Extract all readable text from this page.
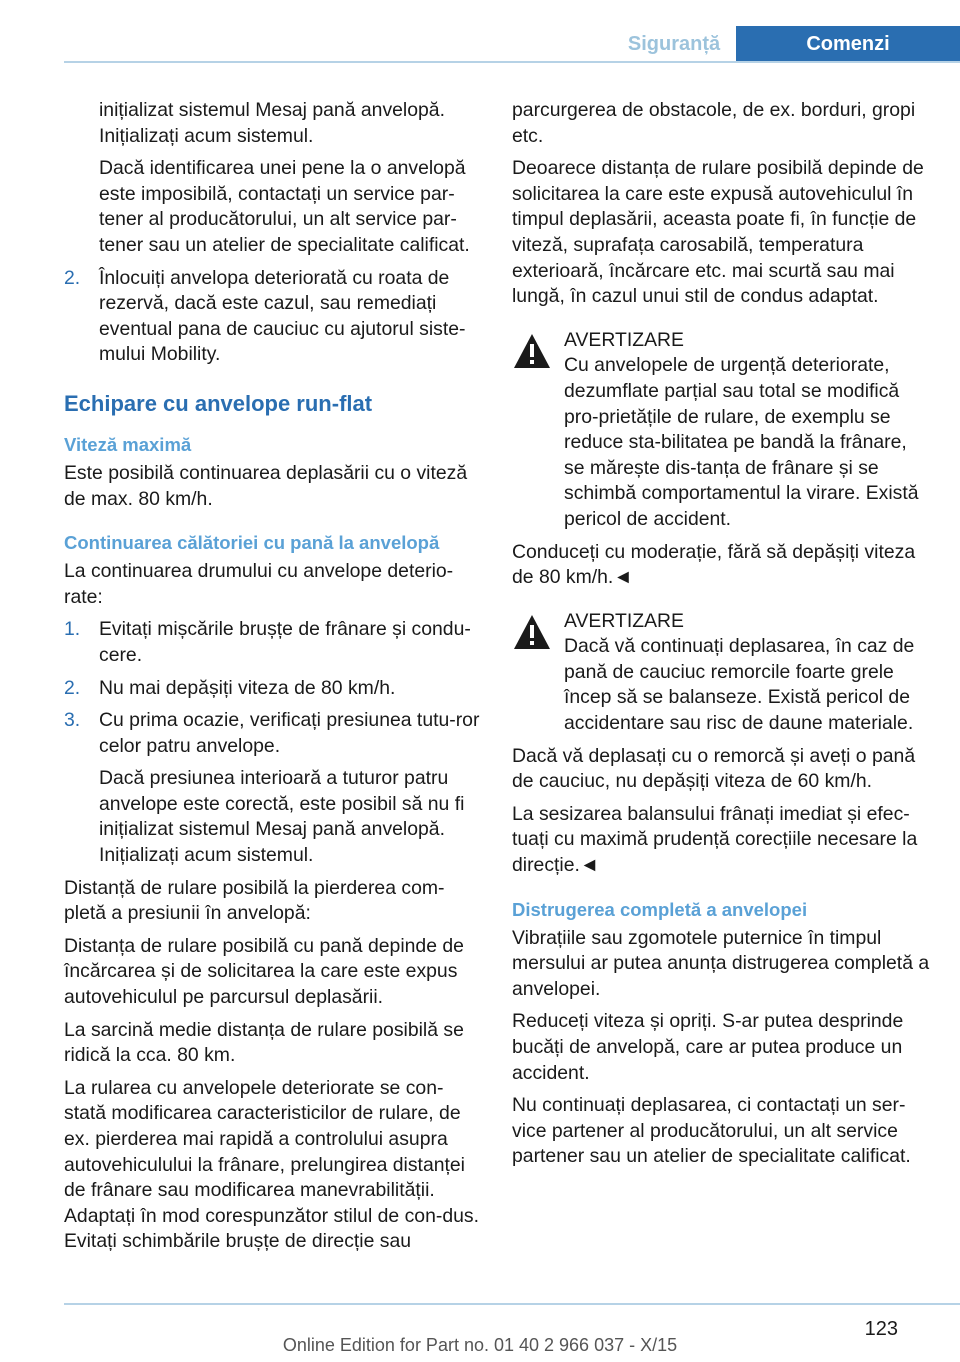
Siguranță	Comenzi

inițializat sistemul Mesaj pană anvelopă. Inițializați acum sistemul.

Dacă identificarea unei pene la o anvelopă este imposibilă, contactați un service par-tener al producătorului, un alt service par-tener sau un atelier de specialitate calificat.

2. Înlocuiți anvelopa deteriorată cu roata de rezervă, dacă este cazul, sau remediați eventual pana de cauciuc cu ajutorul siste-mului Mobility.

Echipare cu anvelope run-flat
Viteză maximă

Este posibilă continuarea deplasării cu o viteză de max. 80 km/h.

Continuarea călătoriei cu pană la anvelopă

La continuarea drumului cu anvelope deterio-rate:

1. Evitați mișcările brușțe de frânare și condu-cere.

2. Nu mai depășiți viteza de 80 km/h.

3. Cu prima ocazie, verificați presiunea tutu-ror celor patru anvelope.

Dacă presiunea interioară a tuturor patru anvelope este corectă, este posibil să nu fi inițializat sistemul Mesaj pană anvelopă. Inițializați acum sistemul.

Distanță de rulare posibilă la pierderea com-pletă a presiunii în anvelopă:

Distanța de rulare posibilă cu pană depinde de încărcarea și de solicitarea la care este expus autovehiculul pe parcursul deplasării.

La sarcină medie distanța de rulare posibilă se ridică la cca. 80 km.

La rularea cu anvelopele deteriorate se con-stată modificarea caracteristicilor de rulare, de ex. pierderea mai rapidă a controlului asupra autovehiculului la frânare, prelungirea distanței de frânare sau modificarea manevrabilității. Adaptați în mod corespunzător stilul de con-dus. Evitați schimbările brușțe de direcție sau

parcurgerea de obstacole, de ex. borduri, gropi etc.

Deoarece distanța de rulare posibilă depinde de solicitarea la care este expusă autovehiculul în timpul deplasării, aceasta poate fi, în funcție de viteză, suprafața carosabilă, temperatura exterioară, încărcare etc. mai scurtă sau mai lungă, în cazul unui stil de condus adaptat.

AVERTIZARE
Cu anvelopele de urgență deteriorate, dezumflate parțial sau total se modifică pro-prietățile de rulare, de exemplu se reduce sta-bilitatea pe bandă la frânare, se mărește dis-tanța de frânare și se schimbă comportamentul la virare. Există pericol de accident.

Conduceți cu moderație, fără să depășiți viteza de 80 km/h.◄

AVERTIZARE
Dacă vă continuați deplasarea, în caz de pană de cauciuc remorcile foarte grele încep să se balanseze. Există pericol de accidentare sau risc de daune materiale.

Dacă vă deplasați cu o remorcă și aveți o pană de cauciuc, nu depășiți viteza de 60 km/h.

La sesizarea balansului frânați imediat și efec-tuați cu maximă prudență corecțiile necesare la direcție.◄

Distrugerea completă a anvelopei

Vibrațiile sau zgomotele puternice în timpul mersului ar putea anunța distrugerea completă a anvelopei.

Reduceți viteza și opriți. S-ar putea desprinde bucăți de anvelopă, care ar putea produce un accident.

Nu continuați deplasarea, ci contactați un ser-vice partener al producătorului, un alt service partener sau un atelier de specialitate calificat.

123
Online Edition for Part no. 01 40 2 966 037 - X/15
